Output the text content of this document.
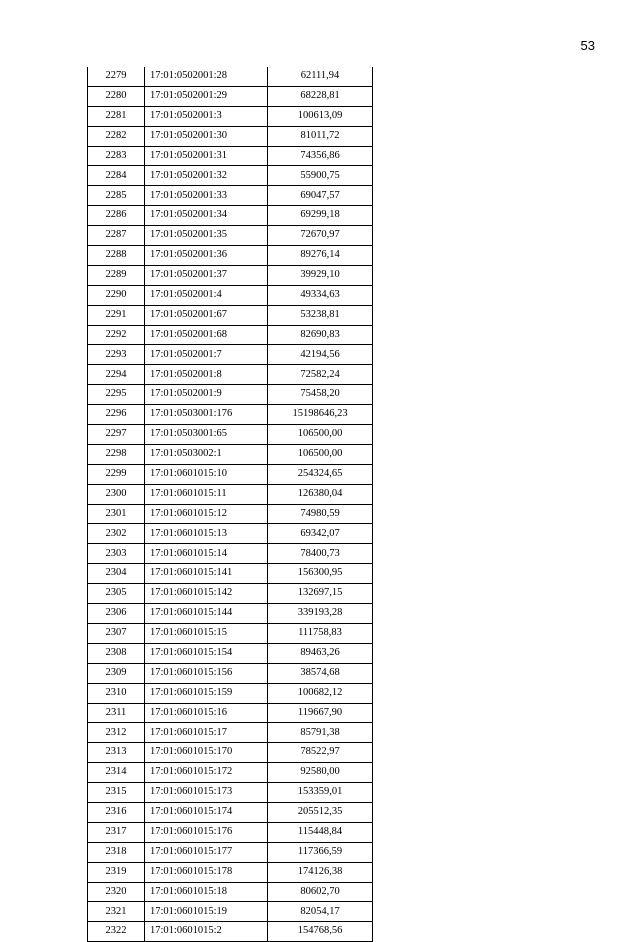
53
2279	17:01:0502001:28	62111,94
2280	17:01:0502001:29	68228,81
2281	17:01:0502001:3	100613,09
2282	17:01:0502001:30	81011,72
2283	17:01:0502001:31	74356,86
2284	17:01:0502001:32	55900,75
2285	17:01:0502001:33	69047,57
2286	17:01:0502001:34	69299,18
2287	17:01:0502001:35	72670,97
2288	17:01:0502001:36	89276,14
2289	17:01:0502001:37	39929,10
2290	17:01:0502001:4	49334,63
2291	17:01:0502001:67	53238,81
2292	17:01:0502001:68	82690,83
2293	17:01:0502001:7	42194,56
2294	17:01:0502001:8	72582,24
2295	17:01:0502001:9	75458,20
2296	17:01:0503001:176	15198646,23
2297	17:01:0503001:65	106500,00
2298	17:01:0503002:1	106500,00
2299	17:01:0601015:10	254324,65
2300	17:01:0601015:11	126380,04
2301	17:01:0601015:12	74980,59
2302	17:01:0601015:13	69342,07
2303	17:01:0601015:14	78400,73
2304	17:01:0601015:141	156300,95
2305	17:01:0601015:142	132697,15
2306	17:01:0601015:144	339193,28
2307	17:01:0601015:15	111758,83
2308	17:01:0601015:154	89463,26
2309	17:01:0601015:156	38574,68
2310	17:01:0601015:159	100682,12
2311	17:01:0601015:16	119667,90
2312	17:01:0601015:17	85791,38
2313	17:01:0601015:170	78522,97
2314	17:01:0601015:172	92580,00
2315	17:01:0601015:173	153359,01
2316	17:01:0601015:174	205512,35
2317	17:01:0601015:176	115448,84
2318	17:01:0601015:177	117366,59
2319	17:01:0601015:178	174126,38
2320	17:01:0601015:18	80602,70
2321	17:01:0601015:19	82054,17
2322	17:01:0601015:2	154768,56
